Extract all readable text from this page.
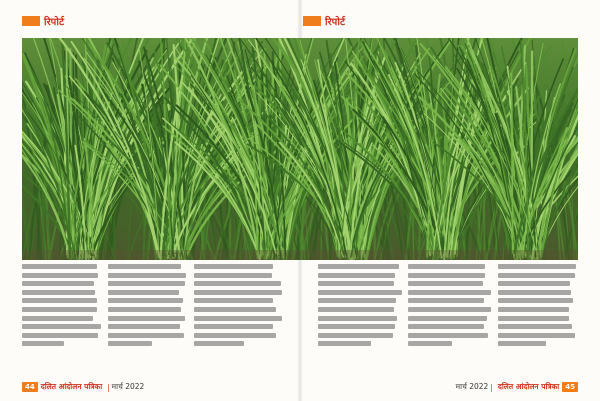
रिपोर्ट	रिपोर्ट
44 दलित आंदोलन पत्रिका | मार्च 2022	मार्च 2022 | दलित आंदोलन पत्रिका 45
